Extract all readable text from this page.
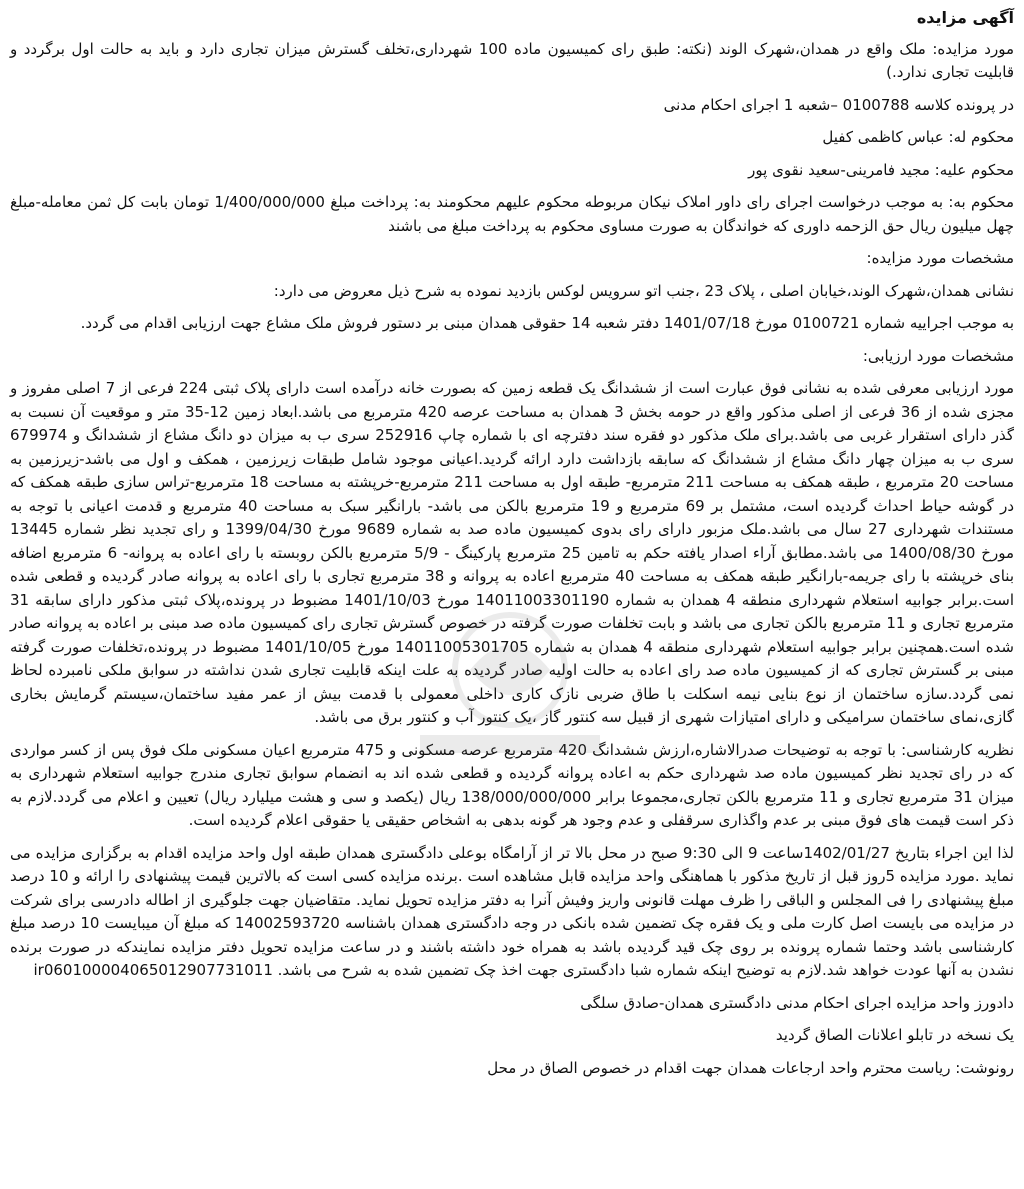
آگهی مزایده

مورد مزایده: ملک واقع در همدان،شهرک الوند (نکته: طبق رای کمیسیون ماده 100 شهرداری،تخلف گسترش میزان تجاری دارد و باید به حالت اول برگردد و قابلیت تجاری ندارد.)

در پرونده کلاسه 0100788 –شعبه 1 اجرای احکام مدنی

محکوم له: عباس کاظمی کفیل

محکوم علیه: مجید فامرینی-سعید نقوی پور

محکوم به: به موجب درخواست اجرای رای داور املاک نیکان مربوطه محکوم علیهم محکومند به: پرداخت مبلغ 1/400/000/000 تومان بابت کل ثمن معامله-مبلغ چهل میلیون ریال حق الزحمه داوری که خواندگان به صورت مساوی محکوم به پرداخت مبلغ می باشند

مشخصات مورد مزایده:

نشانی همدان،شهرک الوند،خیابان اصلی ، پلاک 23 ،جنب اتو سرویس لوکس بازدید نموده به شرح ذیل معروض می دارد:

به موجب اجراییه شماره 0100721 مورخ 1401/07/18 دفتر شعبه 14 حقوقی همدان مبنی بر دستور فروش ملک مشاع جهت ارزیابی اقدام می گردد.

مشخصات مورد ارزیابی:

مورد ارزیابی معرفی شده به نشانی فوق عبارت است از ششدانگ یک قطعه زمین که بصورت خانه درآمده است دارای پلاک ثبتی 224 فرعی از 7 اصلی مفروز و مجزی شده از 36 فرعی از اصلی مذکور واقع در حومه بخش 3 همدان به مساحت عرصه 420 مترمربع می باشد.ابعاد زمین 12-35 متر و موقعیت آن نسبت به گذر دارای استقرار غربی می باشد.برای ملک مذکور دو فقره سند دفترچه ای با شماره چاپ 252916 سری ب به میزان دو دانگ مشاع از ششدانگ و 679974 سری ب به میزان چهار دانگ مشاع از ششدانگ که سابقه بازداشت دارد ارائه گردید.اعیانی موجود شامل طبقات زیرزمین ، همکف و اول می باشد-زیرزمین به مساحت 20 مترمربع ، طبقه همکف به مساحت 211 مترمربع- طبقه اول به مساحت 211 مترمربع-خرپشته به مساحت 18 مترمربع-تراس سازی طبقه همکف که در گوشه حیاط احداث گردیده است، مشتمل بر 69 مترمربع و 19 مترمربع بالکن می باشد- بارانگیر سبک به مساحت 40 مترمربع و قدمت اعیانی با توجه به مستندات شهرداری 27 سال می باشد.ملک مزبور دارای رای بدوی کمیسیون ماده صد به شماره 9689 مورخ 1399/04/30 و رای تجدید نظر شماره 13445 مورخ 1400/08/30 می باشد.مطابق آراء اصدار یافته حکم به تامین 25 مترمربع پارکینگ - 5/9 مترمربع بالکن روبسته با رای اعاده به پروانه- 6 مترمربع اضافه بنای خرپشته با رای جریمه-بارانگیر طبقه همکف به مساحت 40 مترمربع اعاده به پروانه و 38 مترمربع تجاری با رای اعاده به پروانه صادر گردیده و قطعی شده است.برابر جوابیه استعلام شهرداری منطقه 4 همدان به شماره 14011003301190 مورخ 1401/10/03 مضبوط در پرونده،پلاک ثبتی مذکور دارای سابقه 31 مترمربع تجاری و 11 مترمربع بالکن تجاری می باشد و بابت تخلفات صورت گرفته در خصوص گسترش تجاری رای کمیسیون ماده صد مبنی بر اعاده به پروانه صادر شده است.همچنین برابر جوابیه استعلام شهرداری منطقه 4 همدان به شماره 14011005301705 مورخ 1401/10/05 مضبوط در پرونده،تخلفات صورت گرفته مبنی بر گسترش تجاری که از کمیسیون ماده صد رای اعاده به حالت اولیه صادر گردیده به علت اینکه قابلیت تجاری شدن نداشته در سوابق ملکی نامبرده لحاظ نمی گردد.سازه ساختمان از نوع بنایی نیمه اسکلت با طاق ضربی نازک کاری داخلی معمولی با قدمت بیش از عمر مفید ساختمان،سیستم گرمایش بخاری گازی،نمای ساختمان سرامیکی و دارای امتیازات شهری از قبیل سه کنتور گاز ،یک کنتور آب و کنتور برق می باشد.

نظریه کارشناسی: با توجه به توضیحات صدرالاشاره،ارزش ششدانگ 420 مترمربع عرصه مسکونی و 475 مترمربع اعیان مسکونی ملک فوق پس از کسر مواردی که در رای تجدید نظر کمیسیون ماده صد شهرداری حکم به اعاده پروانه گردیده و قطعی شده اند به انضمام سوابق تجاری مندرج جوابیه استعلام شهرداری به میزان 31 مترمربع تجاری و 11 مترمربع بالکن تجاری،مجموعا برابر 138/000/000/000 ریال (یکصد و سی و هشت میلیارد ریال) تعیین و اعلام می گردد.لازم به ذکر است قیمت های فوق مبنی بر عدم واگذاری سرقفلی و عدم وجود هر گونه بدهی به اشخاص حقیقی یا حقوقی اعلام گردیده است.

لذا این اجراء بتاریخ 1402/01/27ساعت 9 الی 9:30 صبح در محل بالا تر از آرامگاه بوعلی دادگستری همدان طبقه اول واحد مزایده اقدام به برگزاری مزایده می نماید .مورد مزایده 5روز قبل از تاریخ مذکور با هماهنگی واحد مزایده قابل مشاهده است .برنده مزایده کسی است که بالاترین قیمت پیشنهادی را ارائه و 10 درصد مبلغ پیشنهادی را فی المجلس و الباقی را ظرف مهلت قانونی واریز وفیش آنرا به دفتر مزایده تحویل نماید. متقاضیان جهت جلوگیری از اطاله دادرسی برای شرکت در مزایده می بایست اصل کارت ملی و یک فقره چک تضمین شده بانکی در وجه دادگستری همدان باشناسه 14002593720 که مبلغ آن میبایست 10 درصد مبلغ کارشناسی باشد وحتما شماره پرونده بر روی چک قید گردیده باشد به همراه خود داشته باشند و در ساعت مزایده تحویل دفتر مزایده نمایندکه در صورت برنده نشدن به آنها عودت خواهد شد.لازم به توضیح اینکه شماره شبا دادگستری جهت اخذ چک تضمین شده به شرح می باشد. ir060100004065012907731011

دادورز واحد مزایده اجرای احکام مدنی دادگستری همدان-صادق سلگی

یک نسخه در تابلو اعلانات الصاق گردید

رونوشت: ریاست محترم واحد ارجاعات همدان جهت اقدام در خصوص الصاق در محل
